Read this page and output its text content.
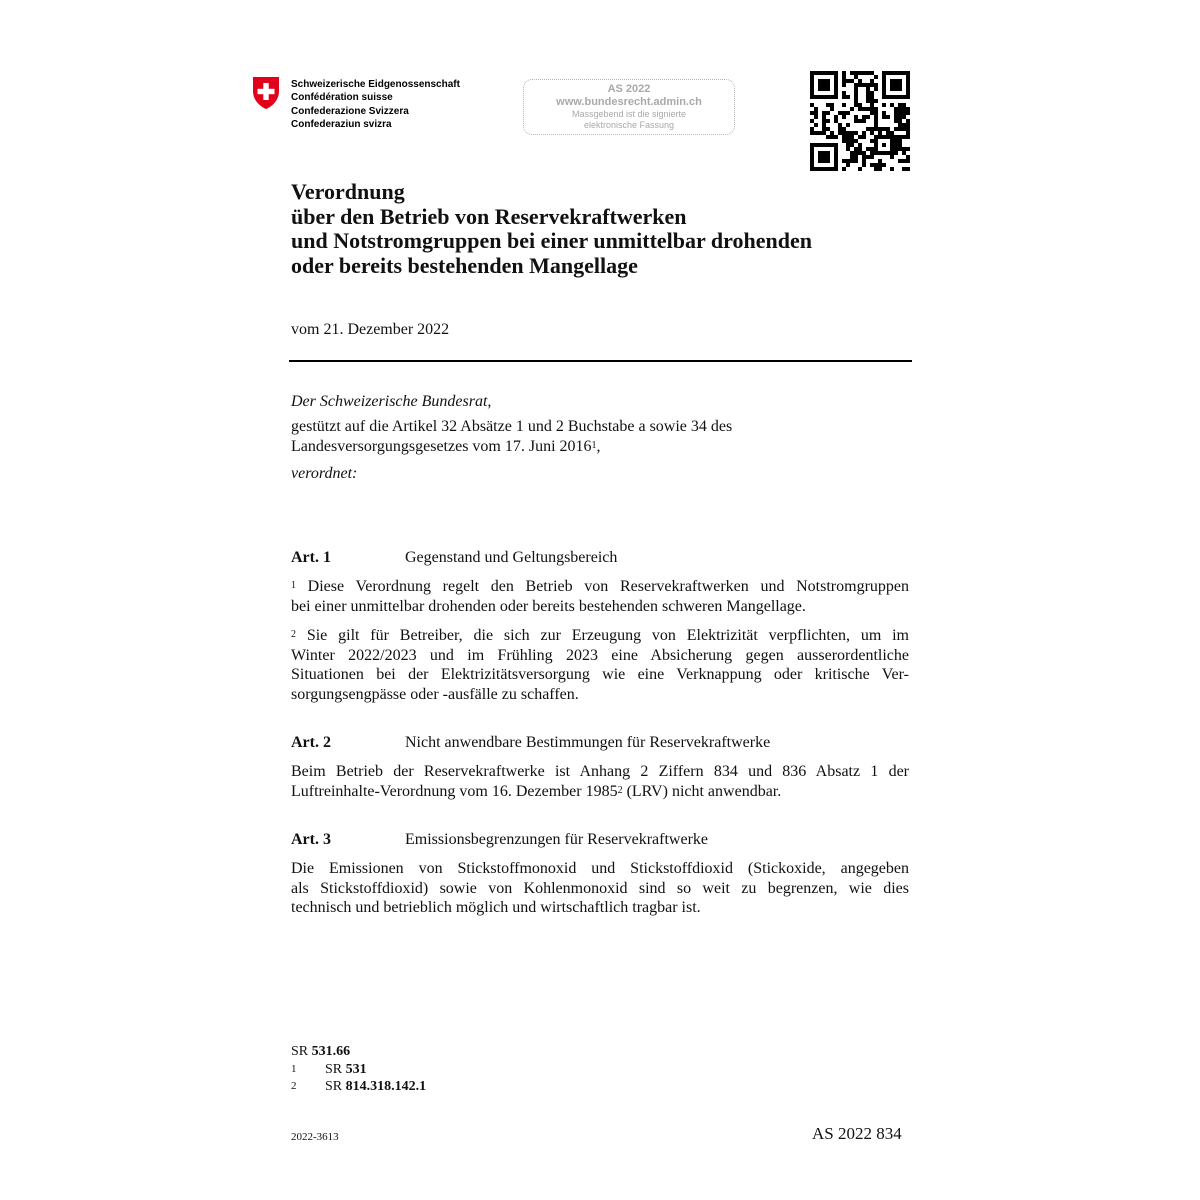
Schweizerische Eidgenossenschaft
Confédération suisse
Confederazione Svizzera
Confederaziun svizra
AS 2022
www.bundesrecht.admin.ch
Massgebend ist die signierte
elektronische Fassung
Verordnung
über den Betrieb von Reservekraftwerken
und Notstromgruppen bei einer unmittelbar drohenden
oder bereits bestehenden Mangellage
vom 21. Dezember 2022
Der Schweizerische Bundesrat,
gestützt auf die Artikel 32 Absätze 1 und 2 Buchstabe a sowie 34 des
Landesversorgungsgesetzes vom 17. Juni 2016$^1$,
verordnet:
Art. 1	Gegenstand und Geltungsbereich
$^1$ Diese Verordnung regelt den Betrieb von Reservekraftwerken und Notstromgruppen
bei einer unmittelbar drohenden oder bereits bestehenden schweren Mangellage.
$^2$ Sie gilt für Betreiber, die sich zur Erzeugung von Elektrizität verpflichten, um im
Winter 2022/2023 und im Frühling 2023 eine Absicherung gegen ausserordentliche
Situationen bei der Elektrizitätsversorgung wie eine Verknappung oder kritische Ver-
sorgungsengpässe oder -ausfälle zu schaffen.
Art. 2	Nicht anwendbare Bestimmungen für Reservekraftwerke
Beim Betrieb der Reservekraftwerke ist Anhang 2 Ziffern 834 und 836 Absatz 1 der
Luftreinhalte-Verordnung vom 16. Dezember 1985$^2$ (LRV) nicht anwendbar.
Art. 3	Emissionsbegrenzungen für Reservekraftwerke
Die Emissionen von Stickstoffmonoxid und Stickstoffdioxid (Stickoxide, angegeben
als Stickstoffdioxid) sowie von Kohlenmonoxid sind so weit zu begrenzen, wie dies
technisch und betrieblich möglich und wirtschaftlich tragbar ist.
SR 531.66
1 SR 531
2 SR 814.318.142.1
2022-3613	AS 2022 834
